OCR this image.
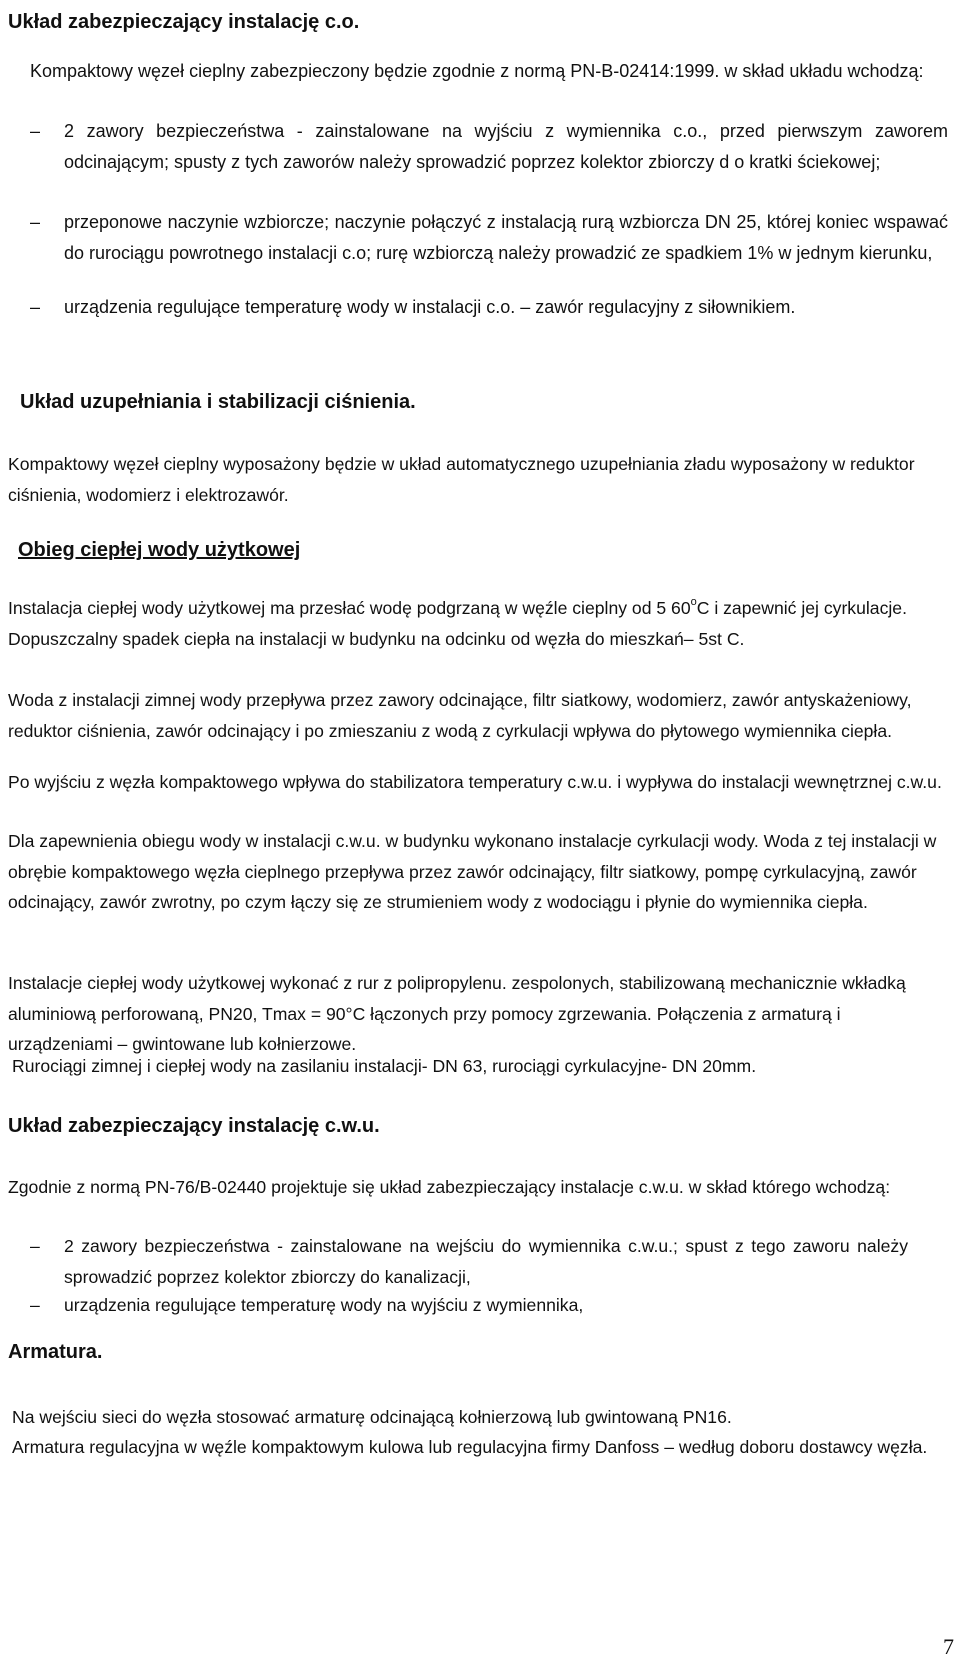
Układ zabezpieczający instalację c.o.

Kompaktowy węzeł cieplny zabezpieczony będzie zgodnie z normą PN-B-02414:1999. w skład układu wchodzą:

– 2 zawory bezpieczeństwa - zainstalowane na wyjściu z wymiennika c.o., przed pierwszym zaworem odcinającym; spusty z tych zaworów należy sprowadzić poprzez kolektor zbiorczy d o kratki ściekowej;
– przeponowe naczynie wzbiorcze; naczynie połączyć z instalacją rurą wzbiorcza DN 25, której koniec wspawać do rurociągu powrotnego instalacji c.o; rurę wzbiorczą należy prowadzić ze spadkiem 1% w jednym kierunku,
– urządzenia regulujące temperaturę wody w instalacji c.o. – zawór regulacyjny z siłownikiem.
Układ uzupełniania i stabilizacji ciśnienia.

Kompaktowy węzeł cieplny wyposażony będzie w układ automatycznego uzupełniania zładu wyposażony w reduktor ciśnienia, wodomierz i elektrozawór.

Obieg ciepłej wody użytkowej

Instalacja ciepłej wody użytkowej ma przesłać wodę podgrzaną w węźle cieplny od 5 60$^o$C i zapewnić jej cyrkulacje. Dopuszczalny spadek ciepła na instalacji w budynku na odcinku od węzła do mieszkań– 5st C.

Woda z instalacji zimnej wody przepływa przez zawory odcinające, filtr siatkowy, wodomierz, zawór antyskażeniowy, reduktor ciśnienia, zawór odcinający i po zmieszaniu z wodą z cyrkulacji wpływa do płytowego wymiennika ciepła.

Po wyjściu z węzła kompaktowego wpływa do stabilizatora temperatury c.w.u. i wypływa do instalacji wewnętrznej c.w.u.

Dla zapewnienia obiegu wody w instalacji c.w.u. w budynku wykonano instalacje cyrkulacji wody. Woda z tej instalacji w obrębie kompaktowego węzła cieplnego przepływa przez zawór odcinający, filtr siatkowy, pompę cyrkulacyjną, zawór odcinający, zawór zwrotny, po czym łączy się ze strumieniem wody z wodociągu i płynie do wymiennika ciepła.

Instalacje ciepłej wody użytkowej wykonać z rur z polipropylenu. zespolonych, stabilizowaną mechanicznie wkładką aluminiową perforowaną, PN20, Tmax = 90°C łączonych przy pomocy zgrzewania. Połączenia z armaturą i urządzeniami – gwintowane lub kołnierzowe.

Rurociągi zimnej i ciepłej wody na zasilaniu instalacji- DN 63, rurociągi cyrkulacyjne- DN 20mm.

Układ zabezpieczający instalację c.w.u.

Zgodnie z normą PN-76/B-02440 projektuje się układ zabezpieczający instalacje c.w.u. w skład którego wchodzą:

– 2 zawory bezpieczeństwa - zainstalowane na wejściu do wymiennika c.w.u.; spust z tego zaworu należy sprowadzić poprzez kolektor zbiorczy do kanalizacji,
– urządzenia regulujące temperaturę wody na wyjściu z wymiennika,
Armatura.

Na wejściu sieci do węzła stosować armaturę odcinającą kołnierzową lub gwintowaną PN16.

Armatura regulacyjna w węźle kompaktowym kulowa lub regulacyjna firmy Danfoss – według doboru dostawcy węzła.

7
